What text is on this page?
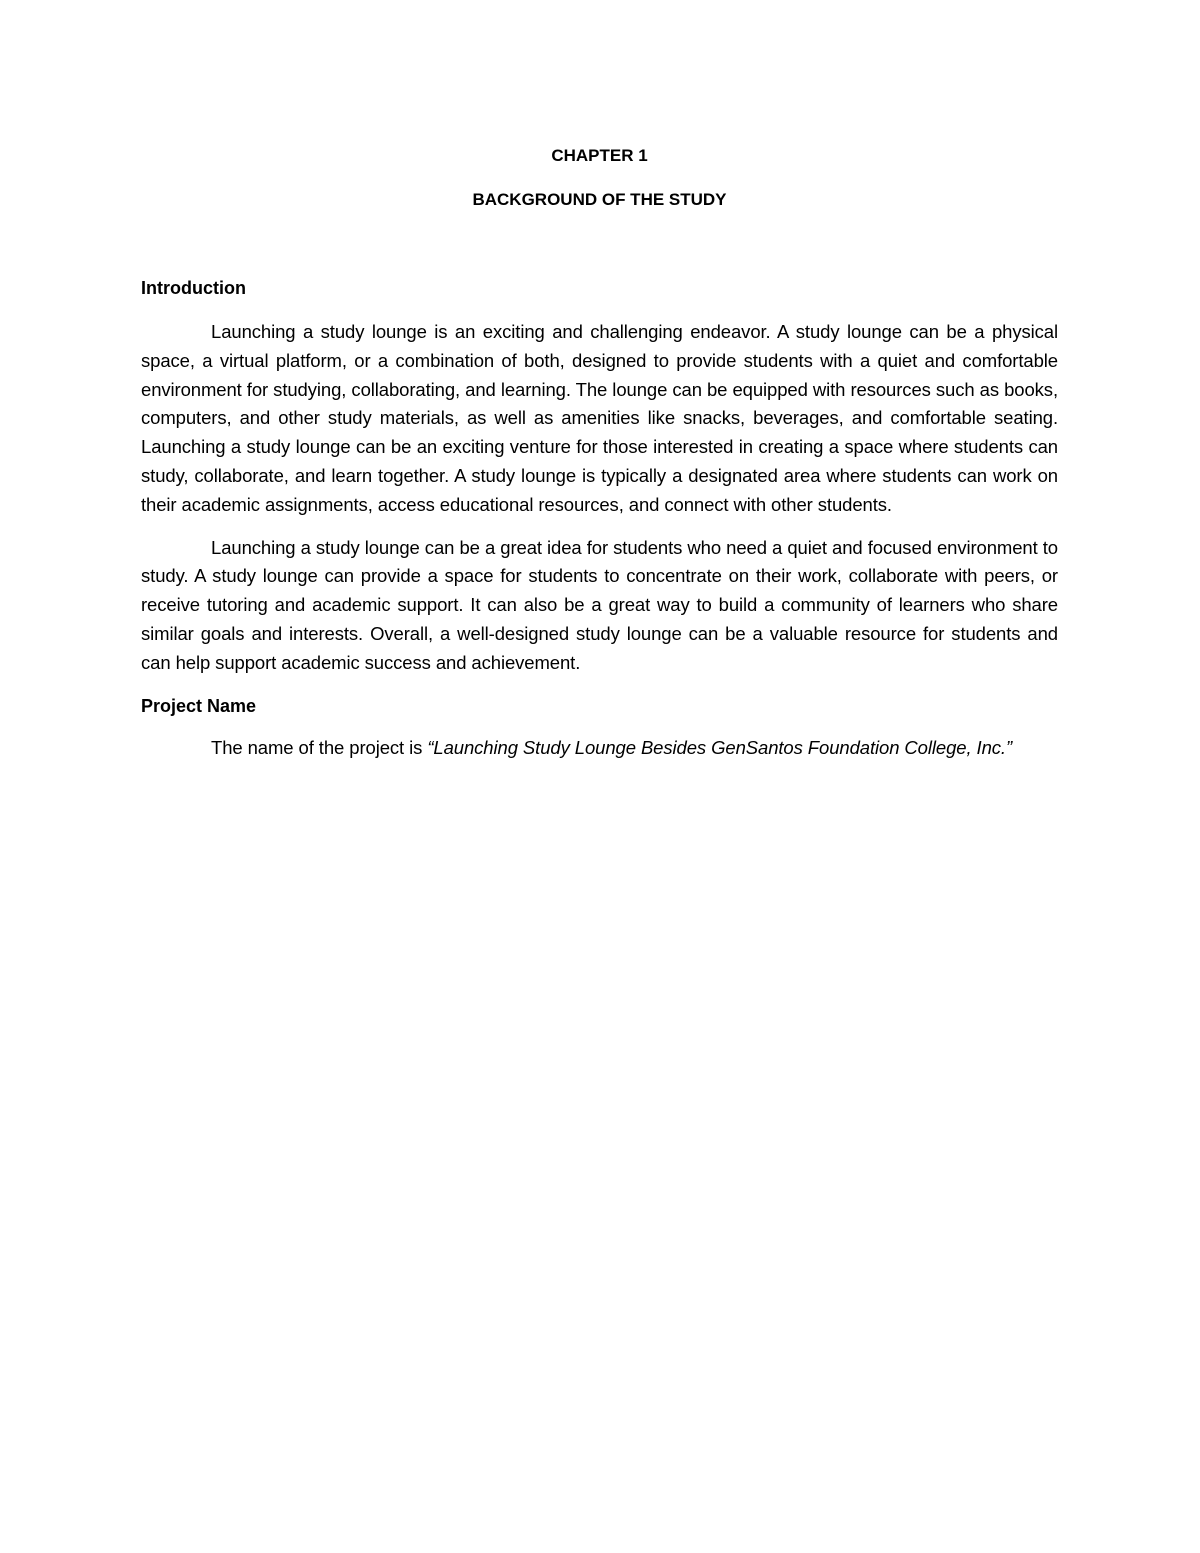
CHAPTER 1
BACKGROUND OF THE STUDY
Introduction

Launching a study lounge is an exciting and challenging endeavor. A study lounge can be a physical space, a virtual platform, or a combination of both, designed to provide students with a quiet and comfortable environment for studying, collaborating, and learning. The lounge can be equipped with resources such as books, computers, and other study materials, as well as amenities like snacks, beverages, and comfortable seating. Launching a study lounge can be an exciting venture for those interested in creating a space where students can study, collaborate, and learn together. A study lounge is typically a designated area where students can work on their academic assignments, access educational resources, and connect with other students.

Launching a study lounge can be a great idea for students who need a quiet and focused environment to study. A study lounge can provide a space for students to concentrate on their work, collaborate with peers, or receive tutoring and academic support. It can also be a great way to build a community of learners who share similar goals and interests. Overall, a well-designed study lounge can be a valuable resource for students and can help support academic success and achievement.

Project Name

The name of the project is “Launching Study Lounge Besides GenSantos Foundation College, Inc.”
